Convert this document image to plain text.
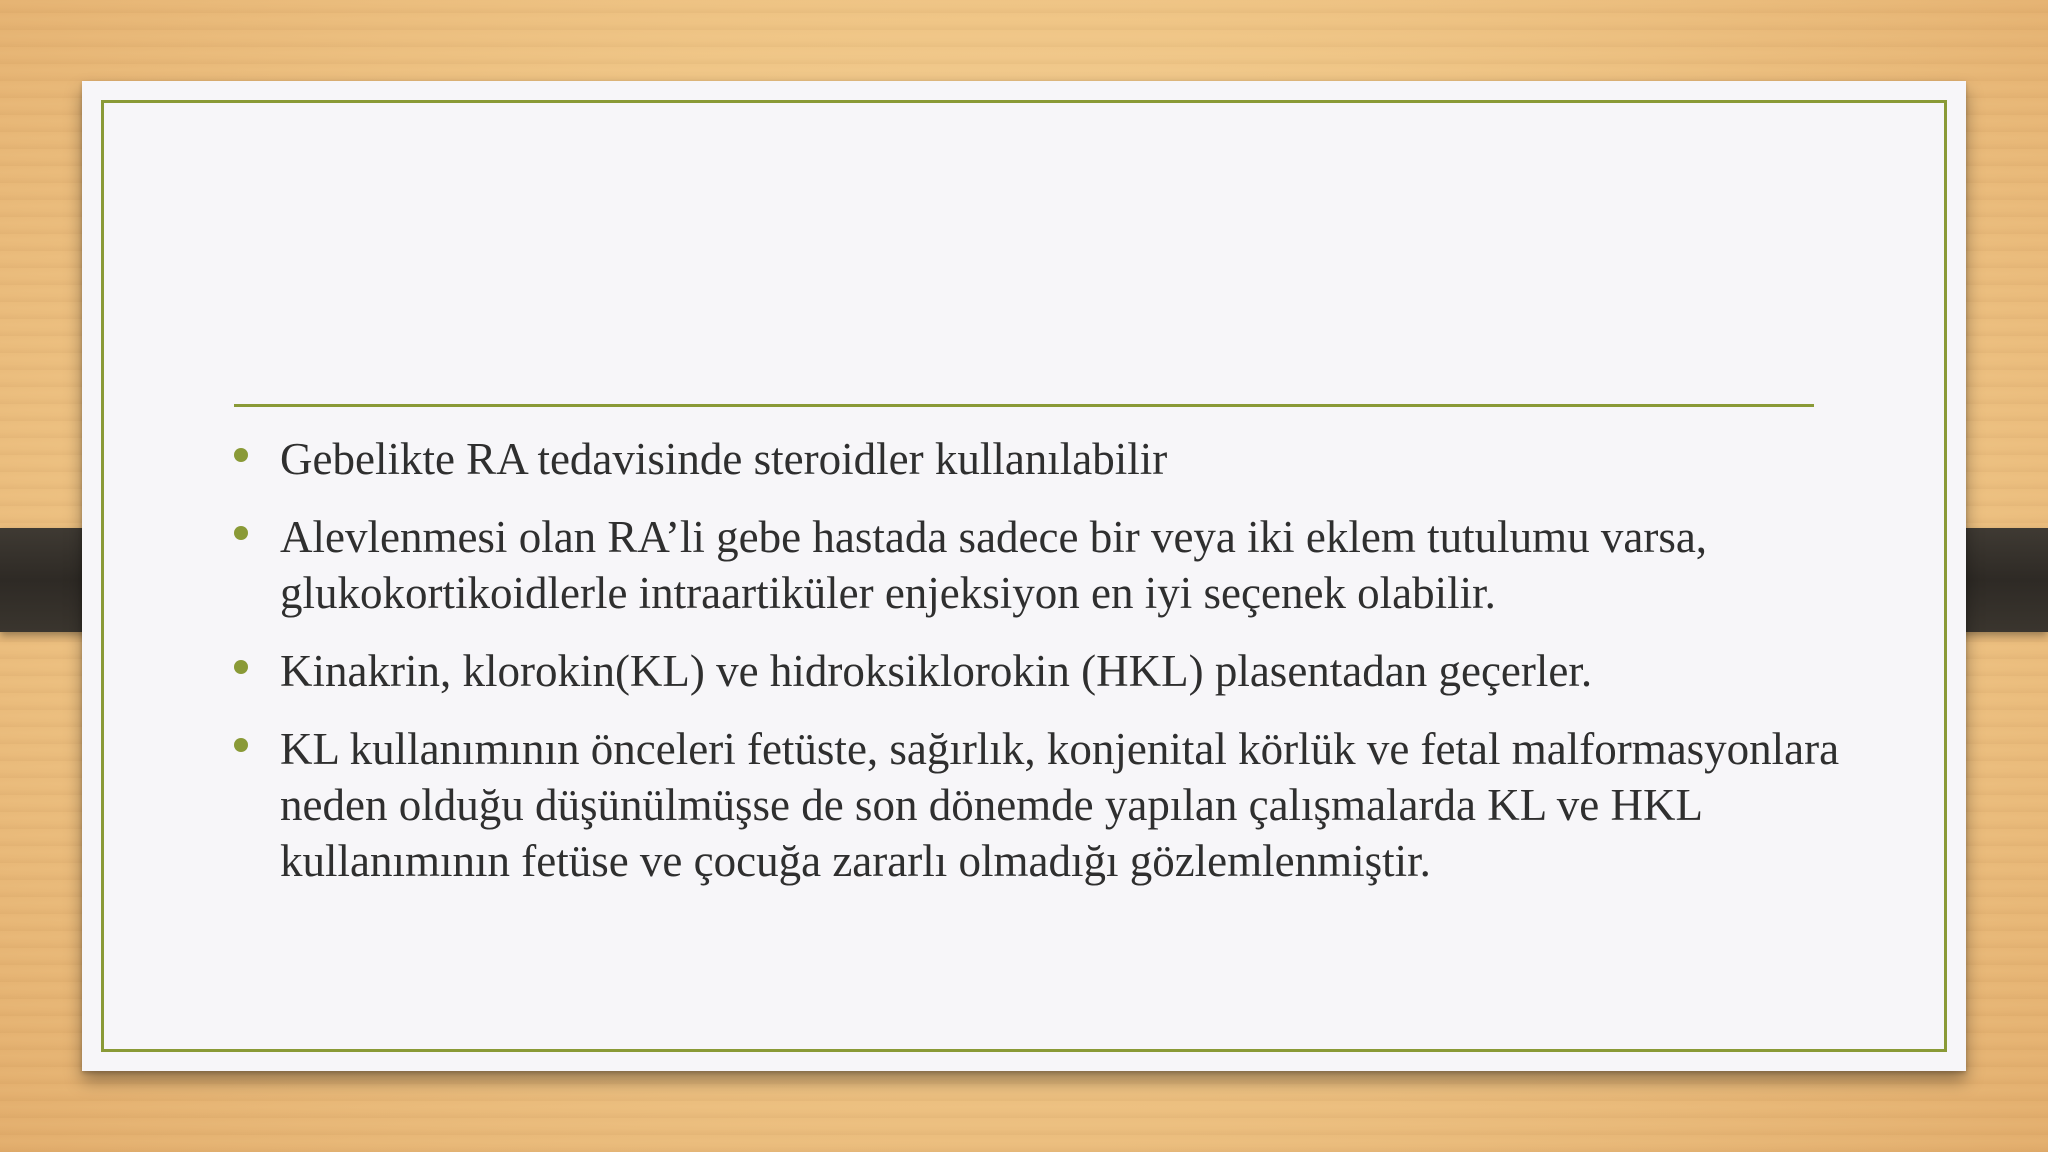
Gebelikte RA tedavisinde steroidler kullanılabilir
Alevlenmesi olan RA’li gebe hastada sadece bir veya iki eklem tutulumu varsa, glukokortikoidlerle intraartiküler enjeksiyon en iyi seçenek olabilir.
Kinakrin, klorokin(KL) ve hidroksiklorokin (HKL) plasentadan geçerler.
KL kullanımının önceleri fetüste, sağırlık, konjenital körlük ve fetal malformasyonlara neden olduğu düşünülmüşse de son dönemde yapılan çalışmalarda KL ve HKL kullanımının fetüse ve çocuğa zararlı olmadığı gözlemlenmiştir.
